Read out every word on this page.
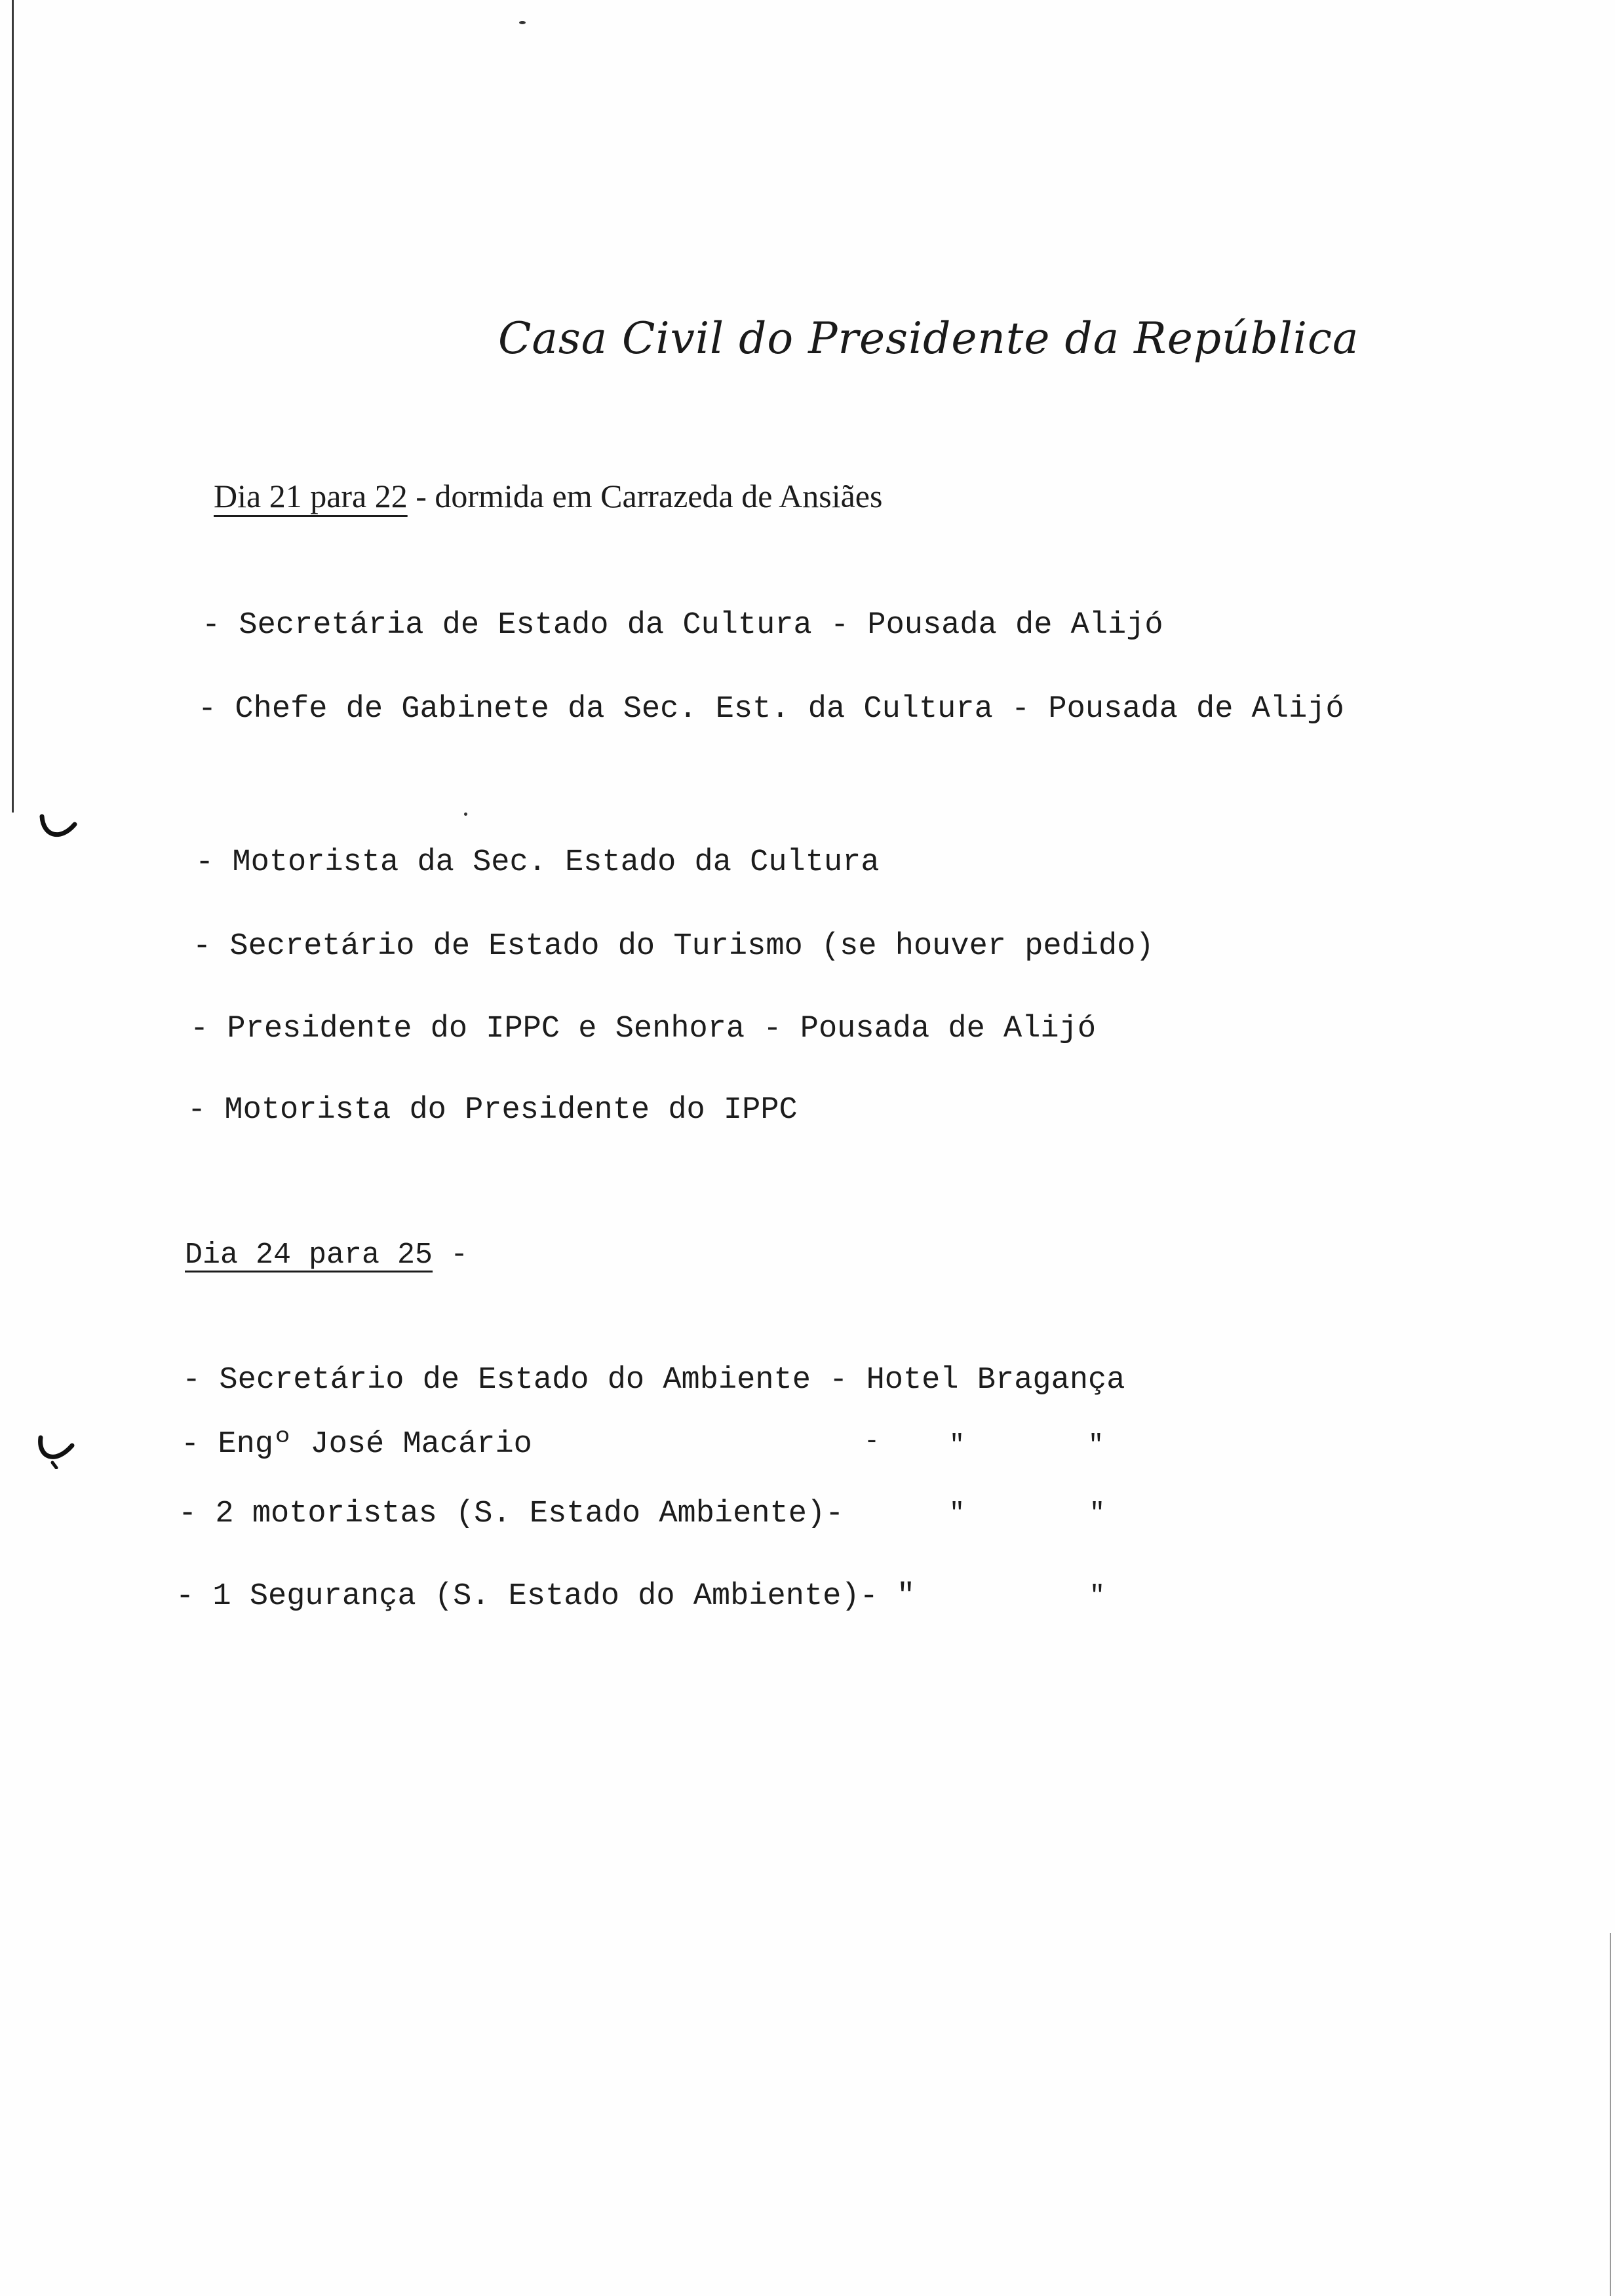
Casa Civil do Presidente da República
Dia 21 para 22 - dormida em Carrazeda de Ansiães
- Secretária de Estado da Cultura - Pousada de Alijó
- Chefe de Gabinete da Sec. Est. da Cultura - Pousada de Alijó
- Motorista da Sec. Estado da Cultura
- Secretário de Estado do Turismo (se houver pedido)
- Presidente do IPPC e Senhora - Pousada de Alijó
- Motorista do Presidente do IPPC
Dia 24 para 25 -
- Secretário de Estado do Ambiente - Hotel Bragança
- Engº José Macário	-	"	"
- 2 motoristas (S. Estado Ambiente)-	"	"
- 1 Segurança (S. Estado do Ambiente)- "	"
